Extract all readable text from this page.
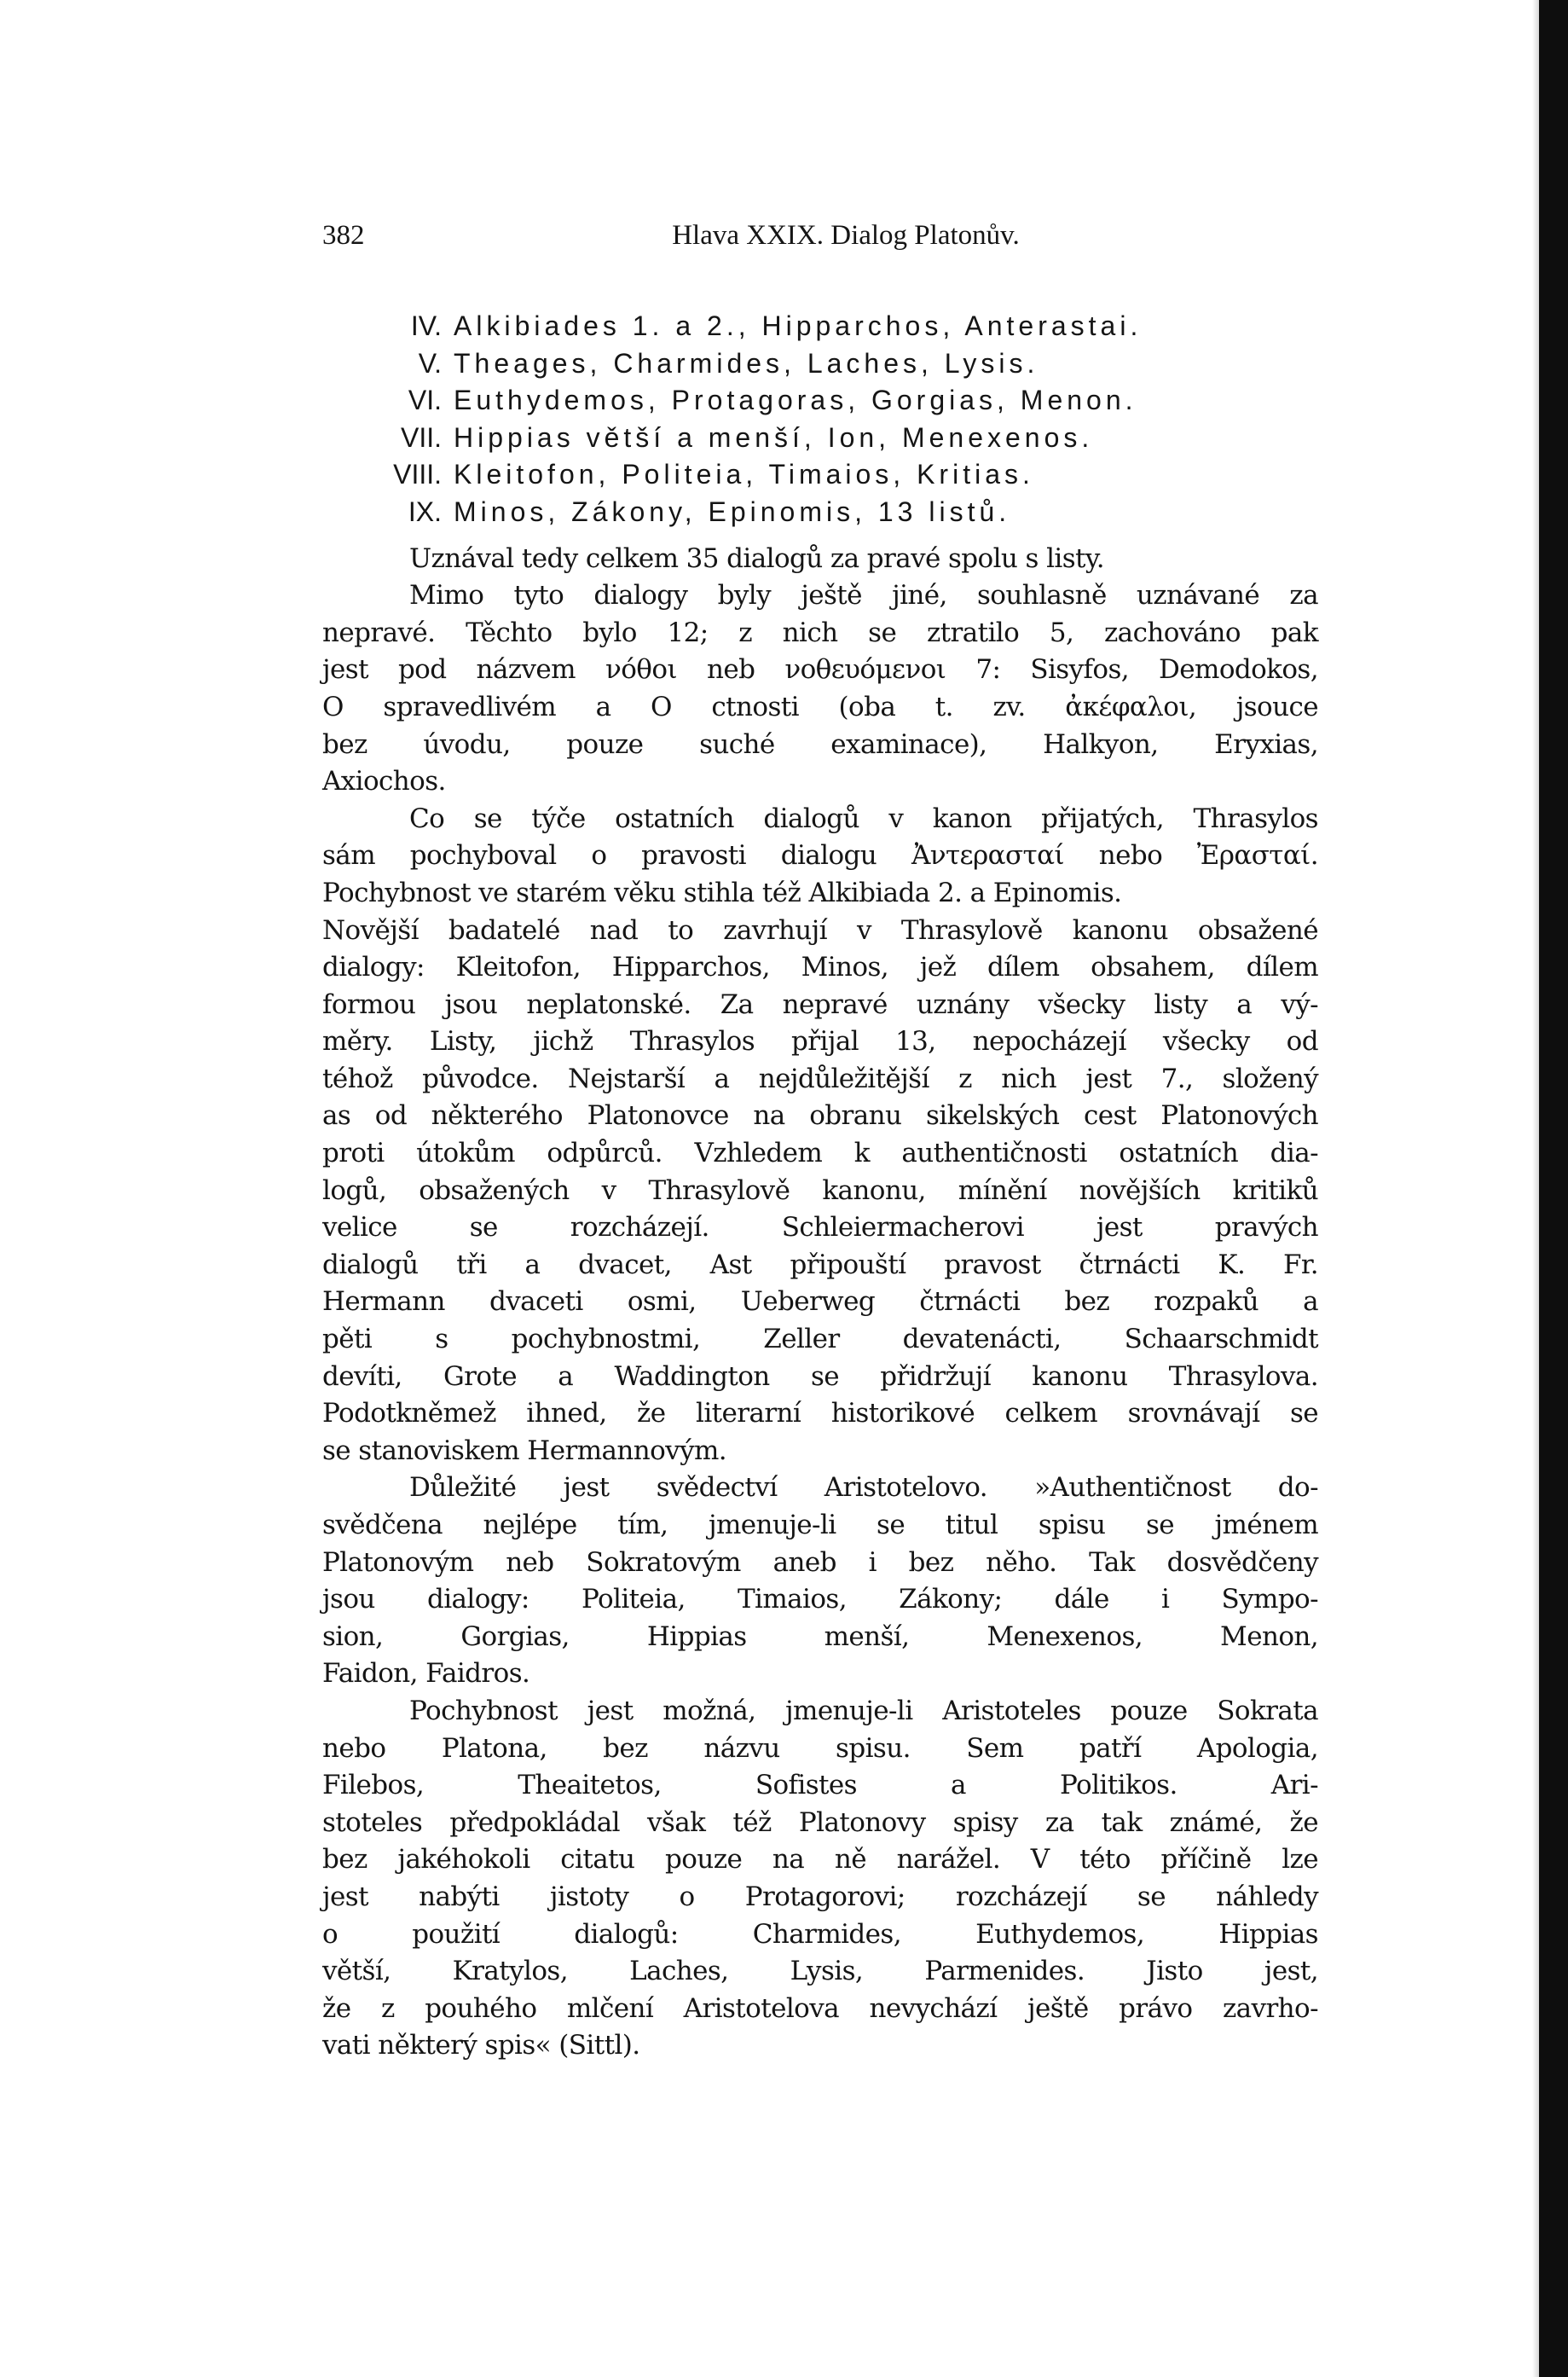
382	Hlava XXIX. Dialog Platonův.
IV. Alkibiades 1. a 2., Hipparchos, Anterastai.
V. Theages, Charmides, Laches, Lysis.
VI. Euthydemos, Protagoras, Gorgias, Menon.
VII. Hippias větší a menší, Ion, Menexenos.
VIII. Kleitofon, Politeia, Timaios, Kritias.
IX. Minos, Zákony, Epinomis, 13 listů.
Uznával tedy celkem 35 dialogů za pravé spolu s listy.
Mimo tyto dialogy byly ještě jiné, souhlasně uznávané za
nepravé. Těchto bylo 12; z nich se ztratilo 5, zachováno pak
jest pod názvem νόθοι neb νοθευόμενοι 7: Sisyfos, Demodokos,
O spravedlivém a O ctnosti (oba t. zv. ἀκέφαλοι, jsouce
bez úvodu, pouze suché examinace), Halkyon, Eryxias,
Axiochos.
Co se týče ostatních dialogů v kanon přijatých, Thrasylos
sám pochyboval o pravosti dialogu Ἀντερασταί nebo Ἐρασταί.
Pochybnost ve starém věku stihla též Alkibiada 2. a Epinomis.
Novější badatelé nad to zavrhují v Thrasylově kanonu obsažené
dialogy: Kleitofon, Hipparchos, Minos, jež dílem obsahem, dílem
formou jsou neplatonské. Za nepravé uznány všecky listy a vý-
měry. Listy, jichž Thrasylos přijal 13, nepocházejí všecky od
téhož původce. Nejstarší a nejdůležitější z nich jest 7., složený
as od některého Platonovce na obranu sikelských cest Platonových
proti útokům odpůrců. Vzhledem k authentičnosti ostatních dia-
logů, obsažených v Thrasylově kanonu, mínění novějších kritiků
velice se rozcházejí. Schleiermacherovi jest pravých
dialogů tři a dvacet, Ast připouští pravost čtrnácti K. Fr.
Hermann dvaceti osmi, Ueberweg čtrnácti bez rozpaků a
pěti s pochybnostmi, Zeller devatenácti, Schaarschmidt
devíti, Grote a Waddington se přidržují kanonu Thrasylova.
Podotkněmež ihned, že literarní historikové celkem srovnávají se
se stanoviskem Hermannovým.
Důležité jest svědectví Aristotelovo. »Authentičnost do-
svědčena nejlépe tím, jmenuje-li se titul spisu se jménem
Platonovým neb Sokratovým aneb i bez něho. Tak dosvědčeny
jsou dialogy: Politeia, Timaios, Zákony; dále i Sympo-
sion, Gorgias, Hippias menší, Menexenos, Menon,
Faidon, Faidros.
Pochybnost jest možná, jmenuje-li Aristoteles pouze Sokrata
nebo Platona, bez názvu spisu. Sem patří Apologia,
Filebos, Theaitetos, Sofistes a Politikos. Ari-
stoteles předpokládal však též Platonovy spisy za tak známé, že
bez jakéhokoli citatu pouze na ně narážel. V této příčině lze
jest nabýti jistoty o Protagorovi; rozcházejí se náhledy
o použití dialogů: Charmides, Euthydemos, Hippias
větší, Kratylos, Laches, Lysis, Parmenides. Jisto jest,
že z pouhého mlčení Aristotelova nevychází ještě právo zavrho-
vati některý spis« (Sittl).
